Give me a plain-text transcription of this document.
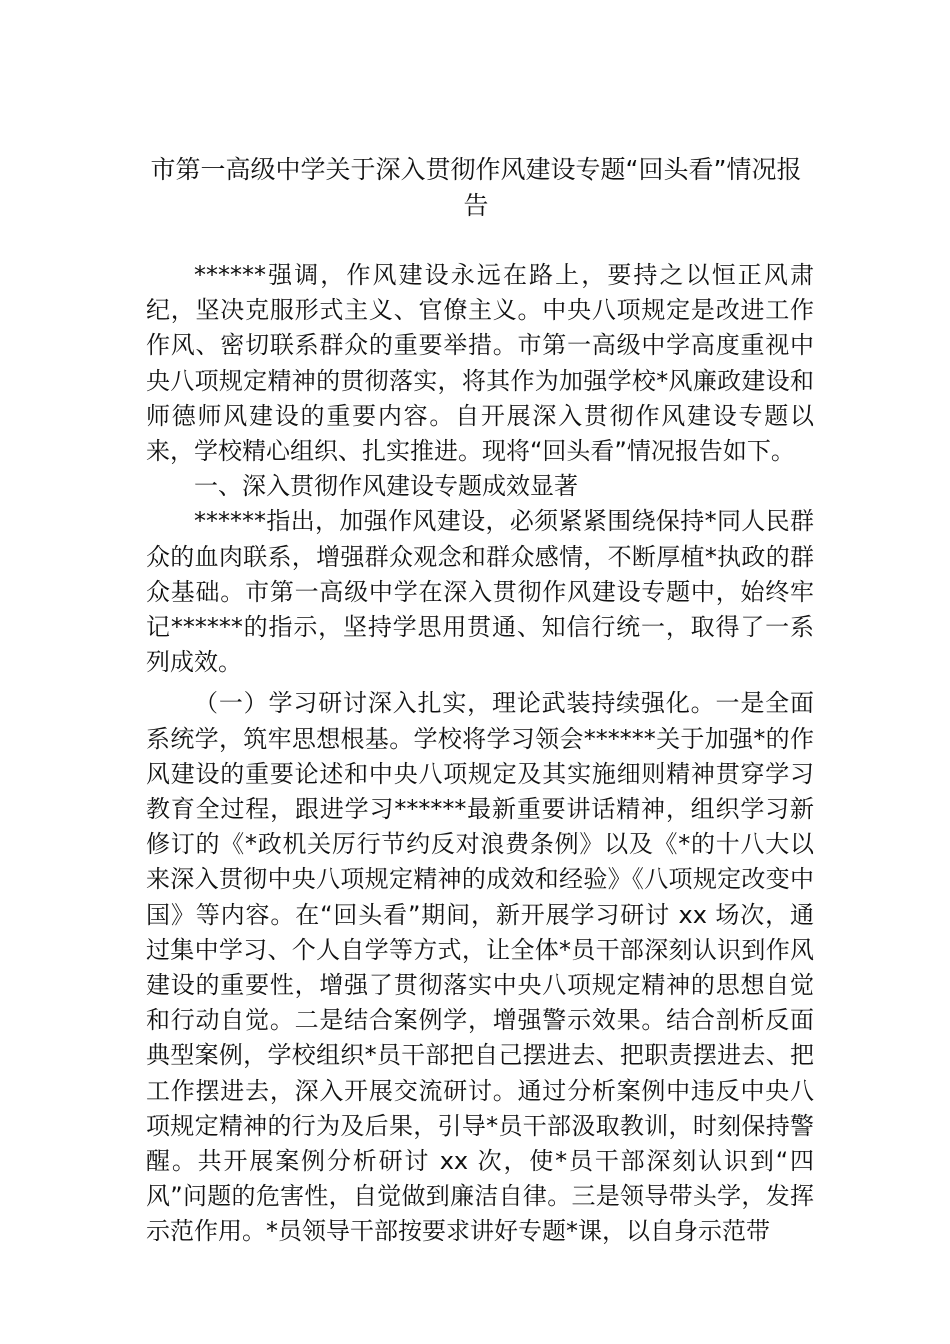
市第一高级中学关于深入贯彻作风建设专题“回头看”情况报告

******强调，作风建设永远在路上，要持之以恒正风肃纪，坚决克服形式主义、官僚主义。中央八项规定是改进工作作风、密切联系群众的重要举措。市第一高级中学高度重视中央八项规定精神的贯彻落实，将其作为加强学校*风廉政建设和师德师风建设的重要内容。自开展深入贯彻作风建设专题以来，学校精心组织、扎实推进。现将“回头看”情况报告如下。

一、深入贯彻作风建设专题成效显著

******指出，加强作风建设，必须紧紧围绕保持*同人民群众的血肉联系，增强群众观念和群众感情，不断厚植*执政的群众基础。市第一高级中学在深入贯彻作风建设专题中，始终牢记******的指示，坚持学思用贯通、知信行统一，取得了一系列成效。

（一）学习研讨深入扎实，理论武装持续强化。一是全面系统学，筑牢思想根基。学校将学习领会******关于加强*的作风建设的重要论述和中央八项规定及其实施细则精神贯穿学习教育全过程，跟进学习******最新重要讲话精神，组织学习新修订的《*政机关厉行节约反对浪费条例》以及《*的十八大以来深入贯彻中央八项规定精神的成效和经验》《八项规定改变中国》等内容。在“回头看”期间，新开展学习研讨 xx 场次，通过集中学习、个人自学等方式，让全体*员干部深刻认识到作风建设的重要性，增强了贯彻落实中央八项规定精神的思想自觉和行动自觉。二是结合案例学，增强警示效果。结合剖析反面典型案例，学校组织*员干部把自己摆进去、把职责摆进去、把工作摆进去，深入开展交流研讨。通过分析案例中违反中央八项规定精神的行为及后果，引导*员干部汲取教训，时刻保持警醒。共开展案例分析研讨 xx 次，使*员干部深刻认识到“四风”问题的危害性，自觉做到廉洁自律。三是领导带头学，发挥示范作用。*员领导干部按要求讲好专题*课，以自身示范带
